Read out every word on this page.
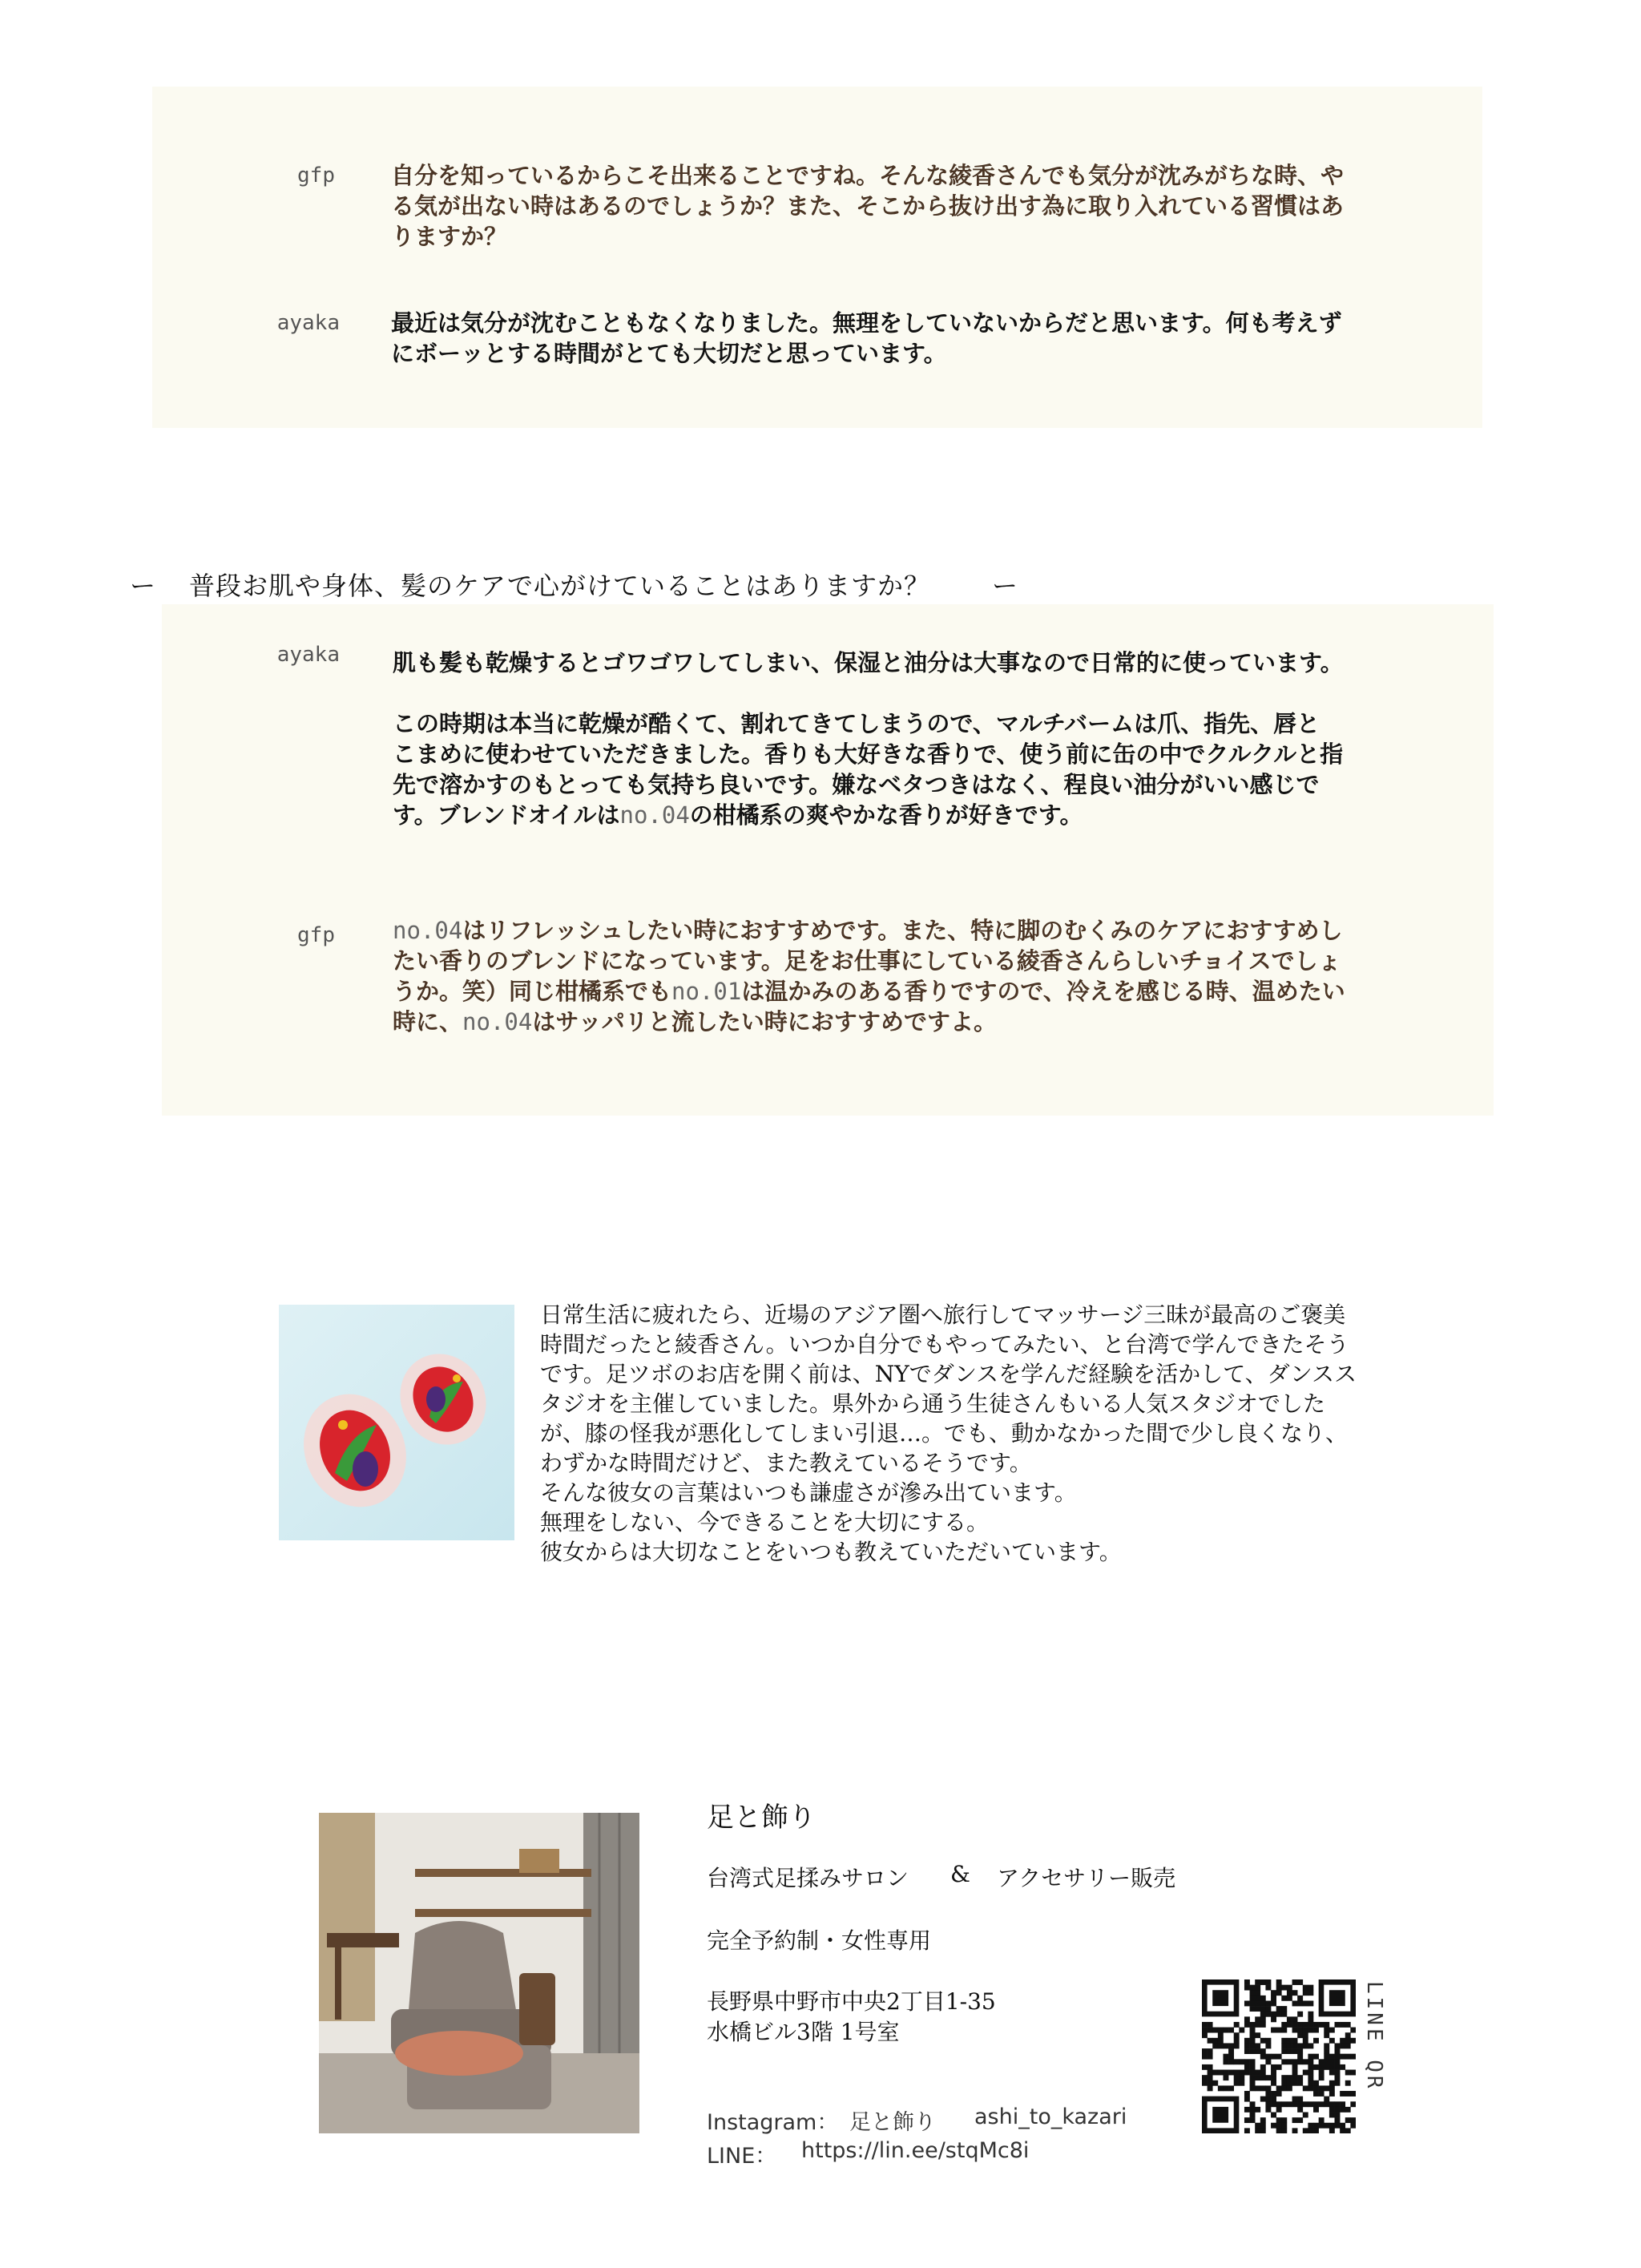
gfp 自分を知っているからこそ出来ることですね。そんな綾香さんでも気分が沈みがちな時、や
る気が出ない時はあるのでしょうか？また、そこから抜け出す為に取り入れている習慣はあ
りますか？
ayaka 最近は気分が沈むこともなくなりました。無理をしていないからだと思います。何も考えず
にボーッとする時間がとても大切だと思っています。
ー 普段お肌や身体、髪のケアで心がけていることはありますか？ ー
ayaka 肌も髪も乾燥するとゴワゴワしてしまい、保湿と油分は大事なので日常的に使っています。

この時期は本当に乾燥が酷くて、割れてきてしまうので、マルチバームは爪、指先、唇と
こまめに使わせていただきました。香りも大好きな香りで、使う前に缶の中でクルクルと指
先で溶かすのもとっても気持ち良いです。嫌なベタつきはなく、程良い油分がいい感じで
す。ブレンドオイルはno.04の柑橘系の爽やかな香りが好きです。

gfp no.04はリフレッシュしたい時におすすめです。また、特に脚のむくみのケアにおすすめし
たい香りのブレンドになっています。足をお仕事にしている綾香さんらしいチョイスでしょ
うか。笑）同じ柑橘系でもno.01は温かみのある香りですので、冷えを感じる時、温めたい
時に、no.04はサッパリと流したい時におすすめですよ。
日常生活に疲れたら、近場のアジア圏へ旅行してマッサージ三昧が最高のご褒美
時間だったと綾香さん。いつか自分でもやってみたい、と台湾で学んできたそう
です。足ツボのお店を開く前は、NYでダンスを学んだ経験を活かして、ダンスス
タジオを主催していました。県外から通う生徒さんもいる人気スタジオでした
が、膝の怪我が悪化してしまい引退…。でも、動かなかった間で少し良くなり、
わずかな時間だけど、また教えているそうです。
そんな彼女の言葉はいつも謙虚さが滲み出ています。
無理をしない、今できることを大切にする。
彼女からは大切なことをいつも教えていただいています。
足と飾り
台湾式足揉みサロン & アクセサリー販売
完全予約制・女性専用
長野県中野市中央2丁目1-35
水橋ビル3階 1号室
Instagram： 足と飾り ashi_to_kazari
LINE： https://lin.ee/stqMc8i
LINE QR
